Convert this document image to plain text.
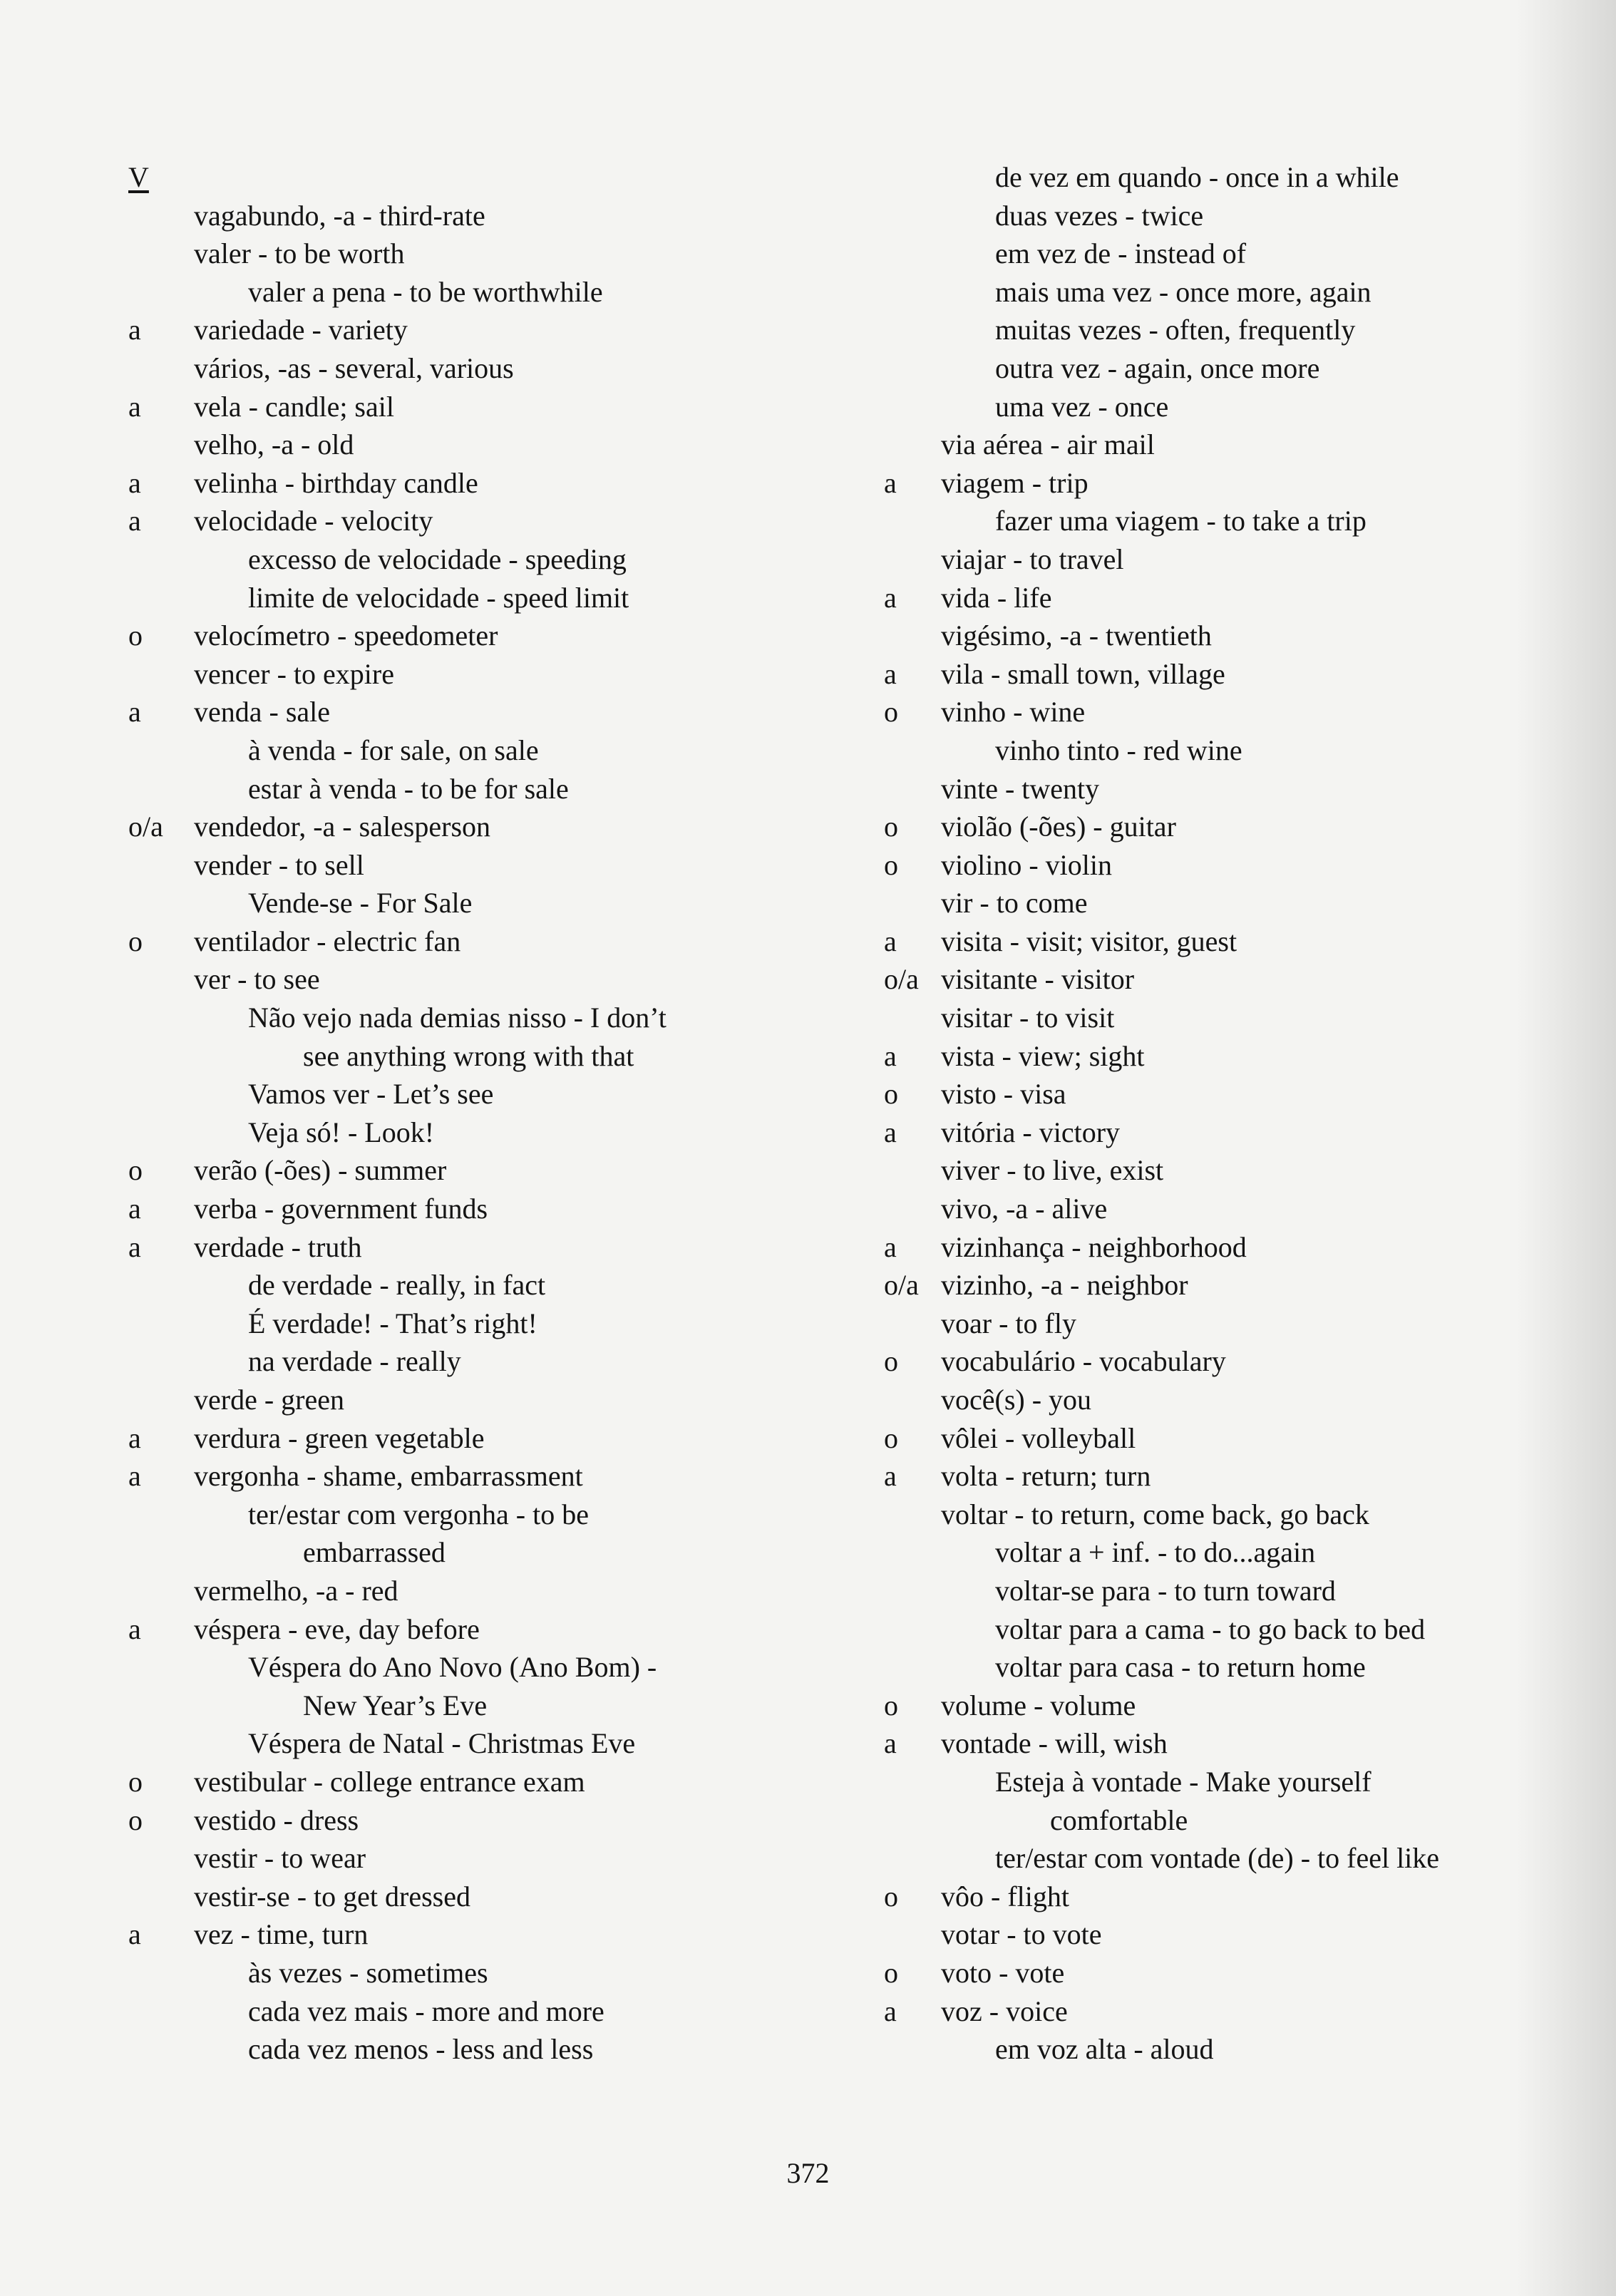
V
vagabundo, -a - third-rate
valer - to be worth
valer a pena - to be worthwhile
a variedade - variety
vários, -as - several, various
a vela - candle; sail
velho, -a - old
a velinha - birthday candle
a velocidade - velocity
excesso de velocidade - speeding
limite de velocidade - speed limit
o velocímetro - speedometer
vencer - to expire
a venda - sale
à venda - for sale, on sale
estar à venda - to be for sale
o/a vendedor, -a - salesperson
vender - to sell
Vende-se - For Sale
o ventilador - electric fan
ver - to see
Não vejo nada demias nisso - I don’t
see anything wrong with that
Vamos ver - Let’s see
Veja só! - Look!
o verão (-ões) - summer
a verba - government funds
a verdade - truth
de verdade - really, in fact
É verdade! - That’s right!
na verdade - really
verde - green
a verdura - green vegetable
a vergonha - shame, embarrassment
ter/estar com vergonha - to be
embarrassed
vermelho, -a - red
a véspera - eve, day before
Véspera do Ano Novo (Ano Bom) -
New Year’s Eve
Véspera de Natal - Christmas Eve
o vestibular - college entrance exam
o vestido - dress
vestir - to wear
vestir-se - to get dressed
a vez - time, turn
às vezes - sometimes
cada vez mais - more and more
cada vez menos - less and less
de vez em quando - once in a while
duas vezes - twice
em vez de - instead of
mais uma vez - once more, again
muitas vezes - often, frequently
outra vez - again, once more
uma vez - once
via aérea - air mail
a viagem - trip
fazer uma viagem - to take a trip
viajar - to travel
a vida - life
vigésimo, -a - twentieth
a vila - small town, village
o vinho - wine
vinho tinto - red wine
vinte - twenty
o violão (-ões) - guitar
o violino - violin
vir - to come
a visita - visit; visitor, guest
o/a visitante - visitor
visitar - to visit
a vista - view; sight
o visto - visa
a vitória - victory
viver - to live, exist
vivo, -a - alive
a vizinhança - neighborhood
o/a vizinho, -a - neighbor
voar - to fly
o vocabulário - vocabulary
você(s) - you
o vôlei - volleyball
a volta - return; turn
voltar - to return, come back, go back
voltar a + inf. - to do...again
voltar-se para - to turn toward
voltar para a cama - to go back to bed
voltar para casa - to return home
o volume - volume
a vontade - will, wish
Esteja à vontade - Make yourself
comfortable
ter/estar com vontade (de) - to feel like
o vôo - flight
votar - to vote
o voto - vote
a voz - voice
em voz alta - aloud
372
